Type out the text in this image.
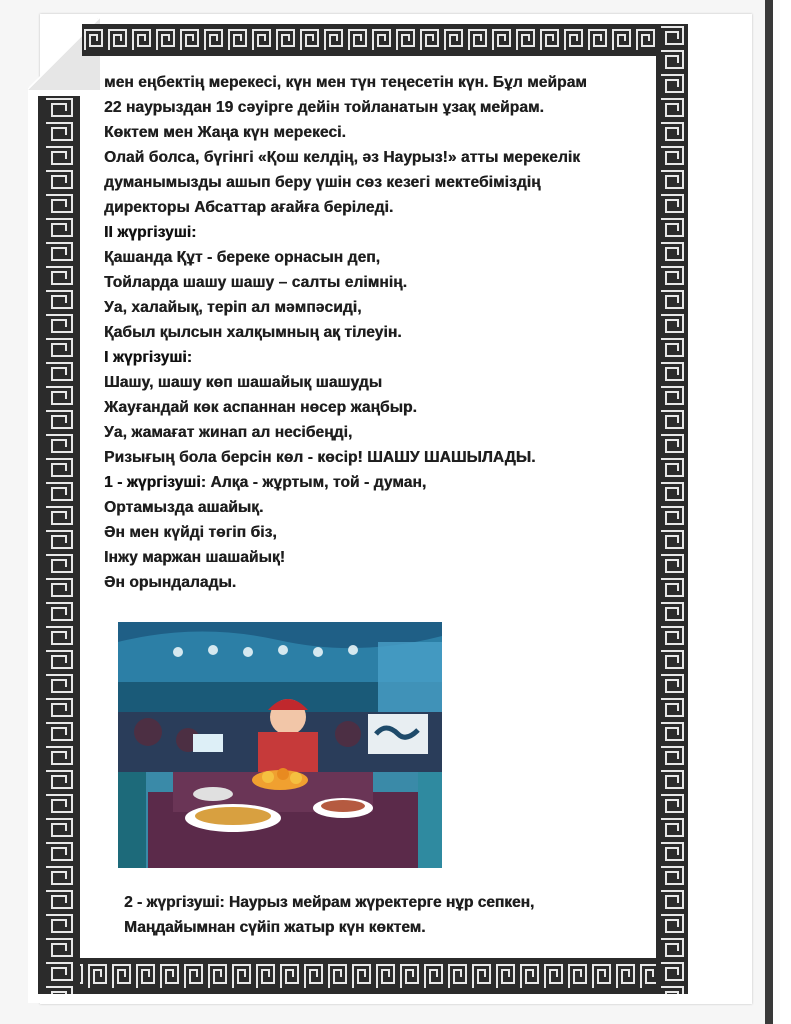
мен еңбектің мерекесі, күн мен түн теңесетін күн. Бұл мейрам
22 наурыздан 19 сәуірге дейін тойланатын ұзақ мейрам.
Көктем мен Жаңа күн мерекесі.
Олай болса, бүгінгі «Қош келдің, әз Наурыз!» атты мерекелік
думанымызды ашып беру үшін сөз кезегі мектебіміздің
директоры Абсаттар ағайға беріледі.
ІІ жүргізуші:
Қашанда Құт - береке орнасын деп,
Тойларда шашу шашу – салты елімнің.
Уа, халайық, теріп ал мәмпәсиді,
Қабыл қылсын халқымның ақ тілеуін.
І жүргізуші:
Шашу, шашу көп шашайық шашуды
Жауғандай көк аспаннан нөсер жаңбыр.
Уа, жамағат жинап ал несібеңді,
Ризығың бола берсін көл - көсір! ШАШУ ШАШЫЛАДЫ.
1 - жүргізуші: Алқа - жұртым, той - думан,
Ортамызда ашайық.
Ән мен күйді төгіп біз,
Інжу маржан шашайық!
Ән орындалады.
2 - жүргізуші: Наурыз мейрам жүректерге нұр сепкен,
Маңдайымнан сүйіп жатыр күн көктем.
